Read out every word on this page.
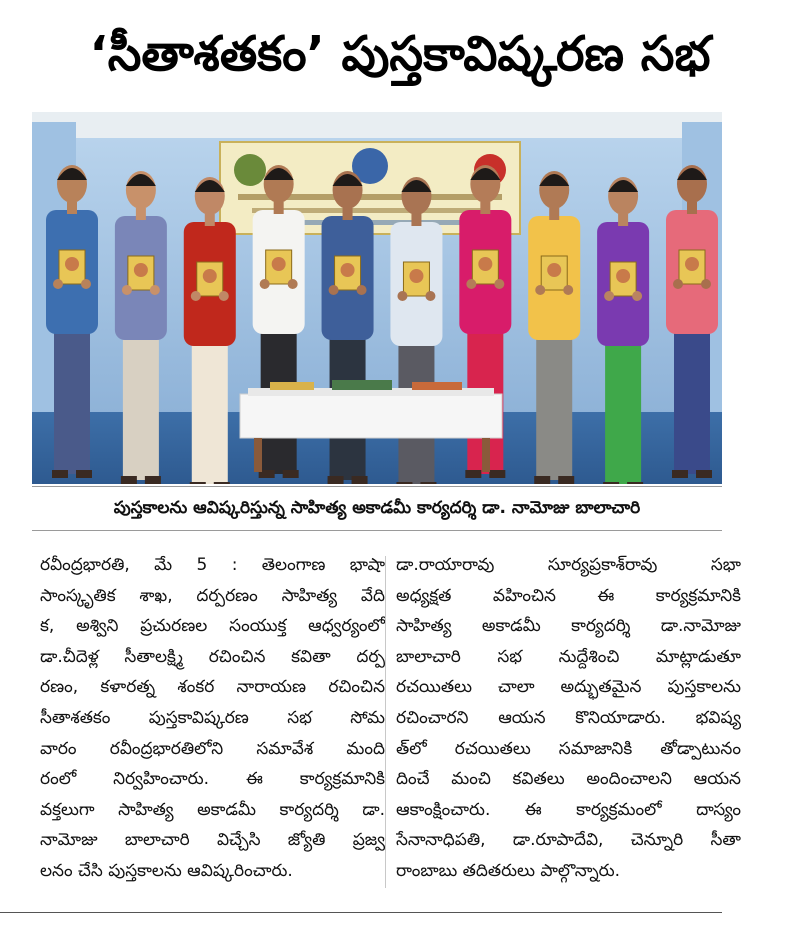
‘సీతాశతకం’ పుస్తకావిష్కరణ సభ
పుస్తకాలను ఆవిష్కరిస్తున్న సాహిత్య అకాడమీ కార్యదర్శి డా. నామోజు బాలాచారి
రవీంద్రభారతి, మే 5 : తెలంగాణ భాషా
సాంస్కృతిక శాఖ, దర్పరణం సాహిత్య వేది
క, అశ్విని ప్రచురణల సంయుక్త ఆధ్వర్యంలో
డా.చీదెళ్ల సీతాలక్ష్మి రచించిన కవితా దర్ప
రణం, కళారత్న శంకర నారాయణ రచించిన
సీతాశతకం పుస్తకావిష్కరణ సభ సోమ
వారం రవీంద్రభారతిలోని సమావేశ మంది
రంలో నిర్వహించారు. ఈ కార్యక్రమానికి
వక్తలుగా సాహిత్య అకాడమీ కార్యదర్శి డా.
నామోజు బాలాచారి విచ్చేసి జ్యోతి ప్రజ్వ
లనం చేసి పుస్తకాలను ఆవిష్కరించారు.
డా.రాయారావు సూర్యప్రకాశ్‌రావు సభా
అధ్యక్షత వహించిన ఈ కార్యక్రమానికి
సాహిత్య అకాడమీ కార్యదర్శి డా.నామోజు
బాలాచారి సభ నుద్దేశించి మాట్లాడుతూ
రచయితలు చాలా అద్భుతమైన పుస్తకాలను
రచించారని ఆయన కొనియాడారు. భవిష్య
త్‌లో రచయితలు సమాజానికి తోడ్పాటునం
దించే మంచి కవితలు అందించాలని ఆయన
ఆకాంక్షించారు. ఈ కార్యక్రమంలో దాస్యం
సేనానాధిపతి, డా.రూపాదేవి, చెన్నూరి సీతా
రాంబాబు తదితరులు పాల్గొన్నారు.
